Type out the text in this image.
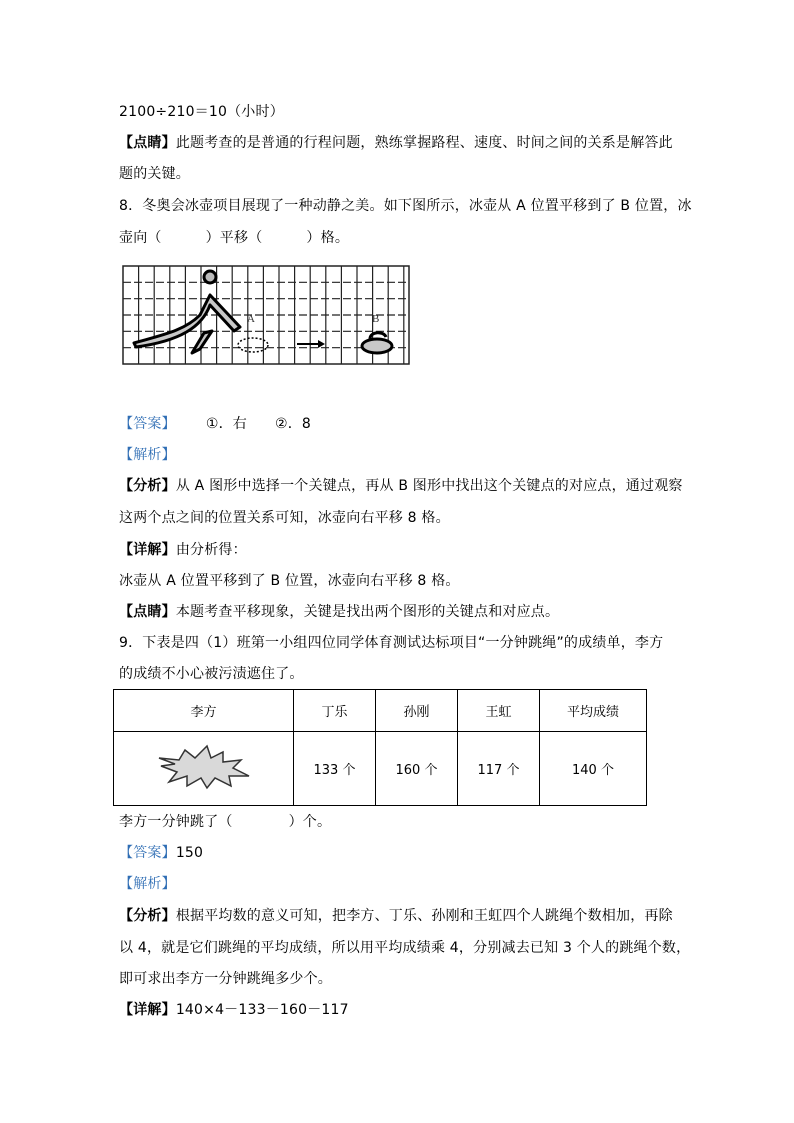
2100÷210＝10（小时）
【点睛】此题考查的是普通的行程问题，熟练掌握路程、速度、时间之间的关系是解答此
题的关键。
8．冬奥会冰壶项目展现了一种动静之美。如下图所示，冰壶从 A 位置平移到了 B 位置，冰
壶向（	）平移（	）格。
A	B
【答案】 ①．右 ②．8
【解析】
【分析】从 A 图形中选择一个关键点，再从 B 图形中找出这个关键点的对应点，通过观察
这两个点之间的位置关系可知，冰壶向右平移 8 格。
【详解】由分析得：
冰壶从 A 位置平移到了 B 位置，冰壶向右平移 8 格。
【点睛】本题考查平移现象，关键是找出两个图形的关键点和对应点。
9．下表是四（1）班第一小组四位同学体育测试达标项目“一分钟跳绳”的成绩单，李方
的成绩不小心被污渍遮住了。
李方	丁乐	孙刚	王虹	平均成绩
	133 个	160 个	117 个	140 个
李方一分钟跳了（	）个。
【答案】150
【解析】
【分析】根据平均数的意义可知，把李方、丁乐、孙刚和王虹四个人跳绳个数相加，再除
以 4，就是它们跳绳的平均成绩，所以用平均成绩乘 4，分别减去已知 3 个人的跳绳个数，
即可求出李方一分钟跳绳多少个。
【详解】140×4－133－160－117
